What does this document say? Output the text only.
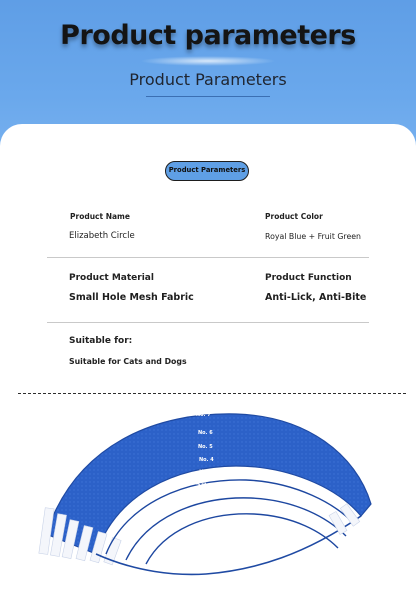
Product parameters
Product Parameters
Product Parameters
Product Name
Elizabeth Circle
Product Color
Royal Blue + Fruit Green
Product Material
Small Hole Mesh Fabric
Product Function
Anti-Lick, Anti-Bite
Suitable for:
Suitable for Cats and Dogs
No. 7
No. 6
No. 5
No. 4
No. 3
2号
1号
